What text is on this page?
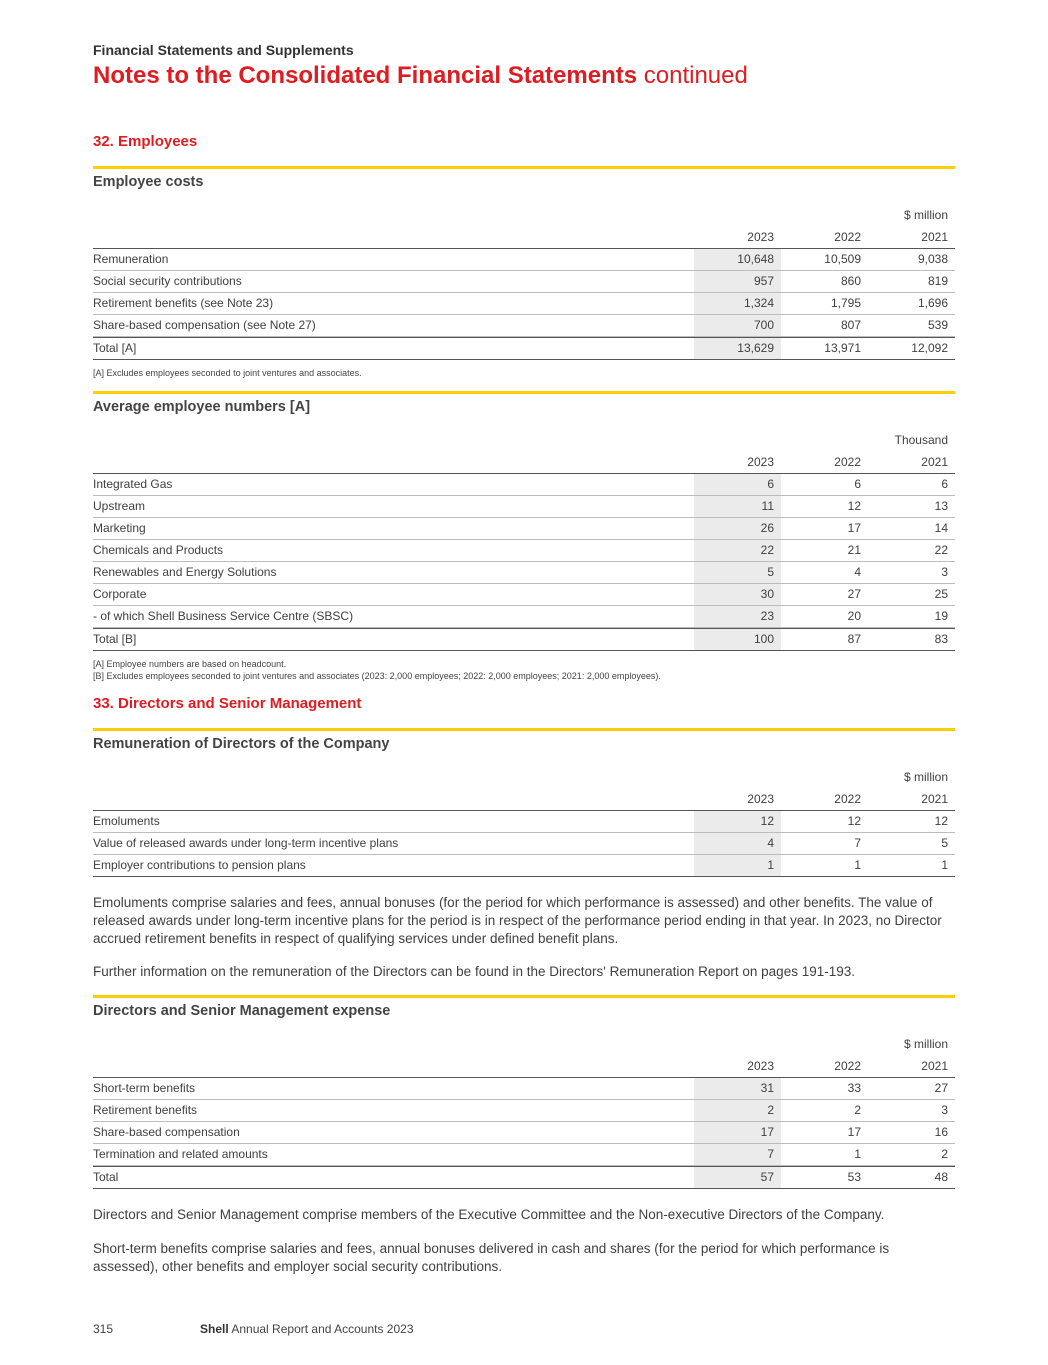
Financial Statements and Supplements
Notes to the Consolidated Financial Statements continued
32. Employees
Employee costs
$ million
2023	2022	2021
Remuneration	10,648	10,509	9,038
Social security contributions	957	860	819
Retirement benefits (see Note 23)	1,324	1,795	1,696
Share-based compensation (see Note 27)	700	807	539
Total [A]	13,629	13,971	12,092
[A] Excludes employees seconded to joint ventures and associates.
Average employee numbers [A]
Thousand
2023	2022	2021
Integrated Gas	6	6	6
Upstream	11	12	13
Marketing	26	17	14
Chemicals and Products	22	21	22
Renewables and Energy Solutions	5	4	3
Corporate	30	27	25
- of which Shell Business Service Centre (SBSC)	23	20	19
Total [B]	100	87	83
[A] Employee numbers are based on headcount.
[B] Excludes employees seconded to joint ventures and associates (2023: 2,000 employees; 2022: 2,000 employees; 2021: 2,000 employees).
33. Directors and Senior Management
Remuneration of Directors of the Company
$ million
2023	2022	2021
Emoluments	12	12	12
Value of released awards under long-term incentive plans	4	7	5
Employer contributions to pension plans	1	1	1
Emoluments comprise salaries and fees, annual bonuses (for the period for which performance is assessed) and other benefits. The value of released awards under long-term incentive plans for the period is in respect of the performance period ending in that year. In 2023, no Director accrued retirement benefits in respect of qualifying services under defined benefit plans.
Further information on the remuneration of the Directors can be found in the Directors' Remuneration Report on pages 191-193.
Directors and Senior Management expense
$ million
2023	2022	2021
Short-term benefits	31	33	27
Retirement benefits	2	2	3
Share-based compensation	17	17	16
Termination and related amounts	7	1	2
Total	57	53	48
Directors and Senior Management comprise members of the Executive Committee and the Non-executive Directors of the Company.
Short-term benefits comprise salaries and fees, annual bonuses delivered in cash and shares (for the period for which performance is assessed), other benefits and employer social security contributions.
315	Shell Annual Report and Accounts 2023
